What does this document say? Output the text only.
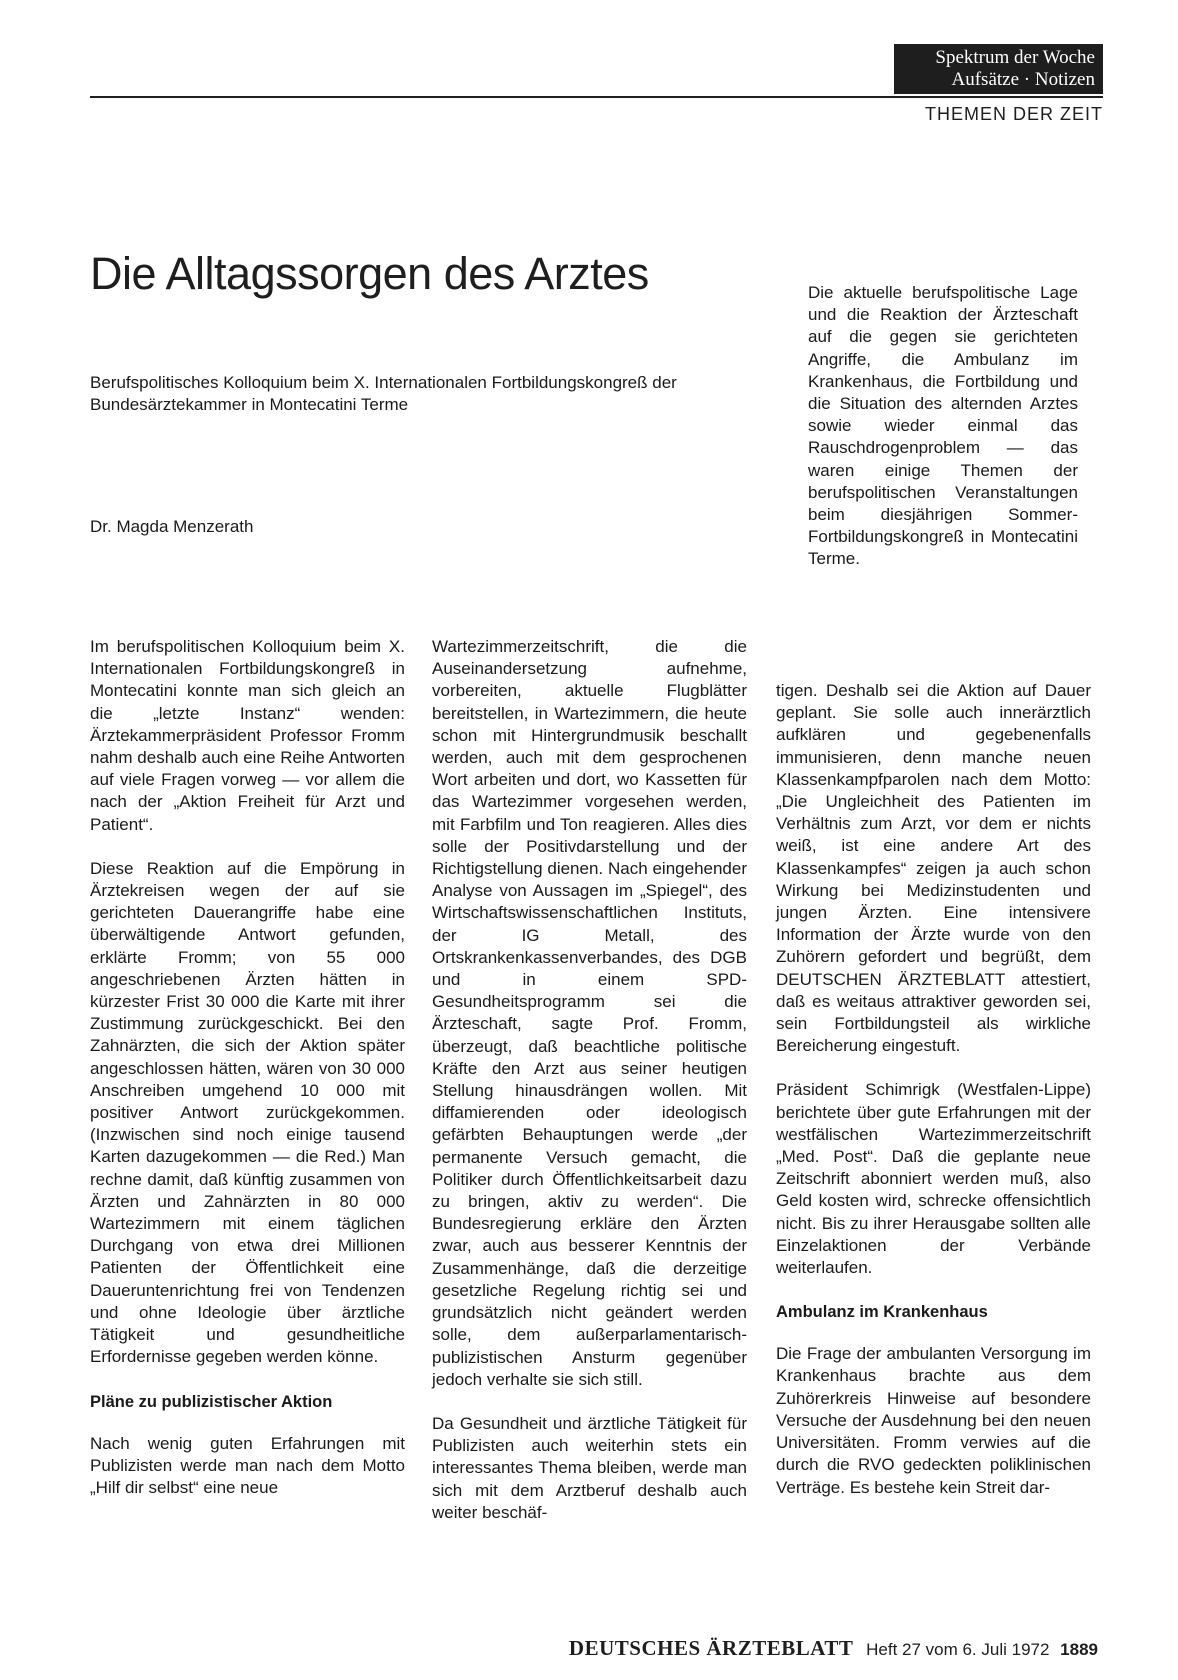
Spektrum der Woche
Aufsätze · Notizen
THEMEN DER ZEIT
Die Alltagssorgen des Arztes
Berufspolitisches Kolloquium beim X. Internationalen Fortbildungskongreß der Bundesärztekammer in Montecatini Terme
Dr. Magda Menzerath
Die aktuelle berufspolitische Lage und die Reaktion der Ärzteschaft auf die gegen sie gerichteten Angriffe, die Ambulanz im Krankenhaus, die Fortbildung und die Situation des alternden Arztes sowie wieder einmal das Rauschdrogenproblem — das waren einige Themen der berufspolitischen Veranstaltungen beim diesjährigen Sommer-Fortbildungskongreß in Montecatini Terme.

Im berufspolitischen Kolloquium beim X. Internationalen Fortbildungskongreß in Montecatini konnte man sich gleich an die „letzte Instanz“ wenden: Ärztekammerpräsident Professor Fromm nahm deshalb auch eine Reihe Antworten auf viele Fragen vorweg — vor allem die nach der „Aktion Freiheit für Arzt und Patient“.

Diese Reaktion auf die Empörung in Ärztekreisen wegen der auf sie gerichteten Dauerangriffe habe eine überwältigende Antwort gefunden, erklärte Fromm; von 55 000 angeschriebenen Ärzten hätten in kürzester Frist 30 000 die Karte mit ihrer Zustimmung zurückgeschickt. Bei den Zahnärzten, die sich der Aktion später angeschlossen hätten, wären von 30 000 Anschreiben umgehend 10 000 mit positiver Antwort zurückgekommen. (Inzwischen sind noch einige tausend Karten dazugekommen — die Red.) Man rechne damit, daß künftig zusammen von Ärzten und Zahnärzten in 80 000 Wartezimmern mit einem täglichen Durchgang von etwa drei Millionen Patienten der Öffentlichkeit eine Daueruntenrichtung frei von Tendenzen und ohne Ideologie über ärztliche Tätigkeit und gesundheitliche Erfordernisse gegeben werden könne.

Pläne zu publizistischer Aktion

Nach wenig guten Erfahrungen mit Publizisten werde man nach dem Motto „Hilf dir selbst“ eine neue

Wartezimmerzeitschrift, die die Auseinandersetzung aufnehme, vorbereiten, aktuelle Flugblätter bereitstellen, in Wartezimmern, die heute schon mit Hintergrundmusik beschallt werden, auch mit dem gesprochenen Wort arbeiten und dort, wo Kassetten für das Wartezimmer vorgesehen werden, mit Farbfilm und Ton reagieren. Alles dies solle der Positivdarstellung und der Richtigstellung dienen. Nach eingehender Analyse von Aussagen im „Spiegel“, des Wirtschaftswissenschaftlichen Instituts, der IG Metall, des Ortskrankenkassenverbandes, des DGB und in einem SPD-Gesundheitsprogramm sei die Ärzteschaft, sagte Prof. Fromm, überzeugt, daß beachtliche politische Kräfte den Arzt aus seiner heutigen Stellung hinausdrängen wollen. Mit diffamierenden oder ideologisch gefärbten Behauptungen werde „der permanente Versuch gemacht, die Politiker durch Öffentlichkeitsarbeit dazu zu bringen, aktiv zu werden“. Die Bundesregierung erkläre den Ärzten zwar, auch aus besserer Kenntnis der Zusammenhänge, daß die derzeitige gesetzliche Regelung richtig sei und grundsätzlich nicht geändert werden solle, dem außerparlamentarisch-publizistischen Ansturm gegenüber jedoch verhalte sie sich still.

Da Gesundheit und ärztliche Tätigkeit für Publizisten auch weiterhin stets ein interessantes Thema bleiben, werde man sich mit dem Arztberuf deshalb auch weiter beschäf-

tigen. Deshalb sei die Aktion auf Dauer geplant. Sie solle auch innerärztlich aufklären und gegebenenfalls immunisieren, denn manche neuen Klassenkampfparolen nach dem Motto: „Die Ungleichheit des Patienten im Verhältnis zum Arzt, vor dem er nichts weiß, ist eine andere Art des Klassenkampfes“ zeigen ja auch schon Wirkung bei Medizinstudenten und jungen Ärzten. Eine intensivere Information der Ärzte wurde von den Zuhörern gefordert und begrüßt, dem DEUTSCHEN ÄRZTEBLATT attestiert, daß es weitaus attraktiver geworden sei, sein Fortbildungsteil als wirkliche Bereicherung eingestuft.

Präsident Schimrigk (Westfalen-Lippe) berichtete über gute Erfahrungen mit der westfälischen Wartezimmerzeitschrift „Med. Post“. Daß die geplante neue Zeitschrift abonniert werden muß, also Geld kosten wird, schrecke offensichtlich nicht. Bis zu ihrer Herausgabe sollten alle Einzelaktionen der Verbände weiterlaufen.

Ambulanz im Krankenhaus

Die Frage der ambulanten Versorgung im Krankenhaus brachte aus dem Zuhörerkreis Hinweise auf besondere Versuche der Ausdehnung bei den neuen Universitäten. Fromm verwies auf die durch die RVO gedeckten poliklinischen Verträge. Es bestehe kein Streit dar-

DEUTSCHES ÄRZTEBLATT Heft 27 vom 6. Juli 1972 1889
